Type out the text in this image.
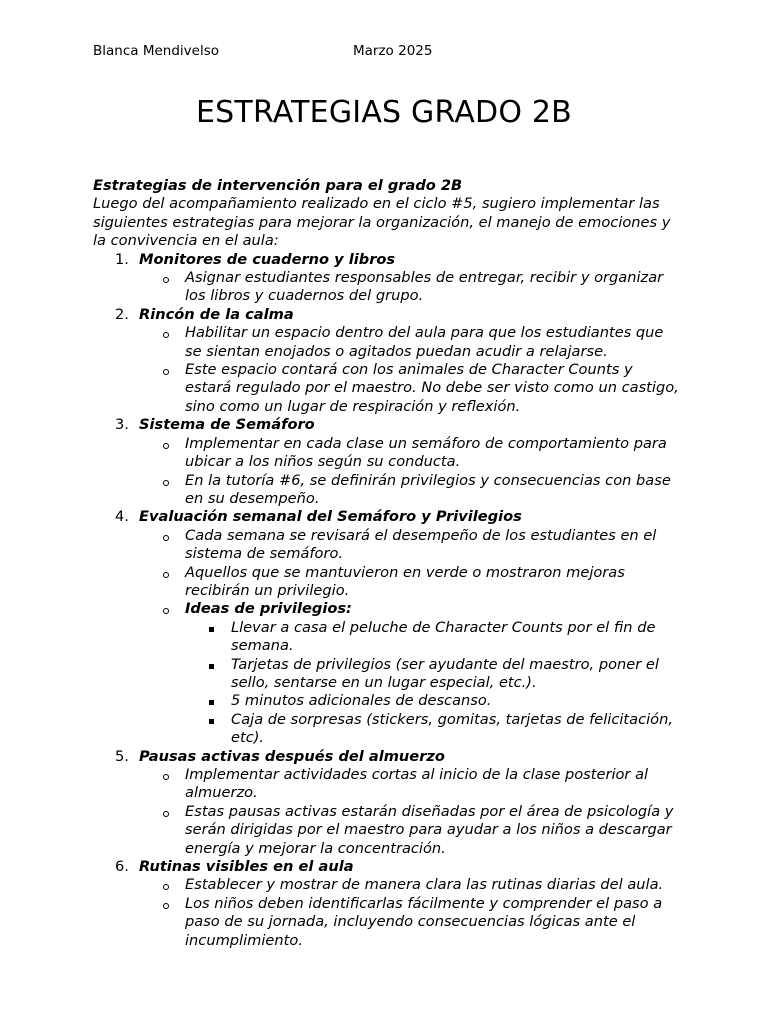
Blanca Mendivelso	Marzo 2025
ESTRATEGIAS GRADO 2B
Estrategias de intervención para el grado 2B

Luego del acompañamiento realizado en el ciclo #5, sugiero implementar las siguientes estrategias para mejorar la organización, el manejo de emociones y la convivencia en el aula:

1. Monitores de cuaderno y libros
Asignar estudiantes responsables de entregar, recibir y organizar los libros y cuadernos del grupo.
2. Rincón de la calma
Habilitar un espacio dentro del aula para que los estudiantes que se sientan enojados o agitados puedan acudir a relajarse.
Este espacio contará con los animales de Character Counts y estará regulado por el maestro. No debe ser visto como un castigo, sino como un lugar de respiración y reflexión.
3. Sistema de Semáforo
Implementar en cada clase un semáforo de comportamiento para ubicar a los niños según su conducta.
En la tutoría #6, se definirán privilegios y consecuencias con base en su desempeño.
4. Evaluación semanal del Semáforo y Privilegios
Cada semana se revisará el desempeño de los estudiantes en el sistema de semáforo.
Aquellos que se mantuvieron en verde o mostraron mejoras recibirán un privilegio.
Ideas de privilegios:
Llevar a casa el peluche de Character Counts por el fin de semana.
Tarjetas de privilegios (ser ayudante del maestro, poner el sello, sentarse en un lugar especial, etc.).
5 minutos adicionales de descanso.
Caja de sorpresas (stickers, gomitas, tarjetas de felicitación, etc).
5. Pausas activas después del almuerzo
Implementar actividades cortas al inicio de la clase posterior al almuerzo.
Estas pausas activas estarán diseñadas por el área de psicología y serán dirigidas por el maestro para ayudar a los niños a descargar energía y mejorar la concentración.
6. Rutinas visibles en el aula
Establecer y mostrar de manera clara las rutinas diarias del aula.
Los niños deben identificarlas fácilmente y comprender el paso a paso de su jornada, incluyendo consecuencias lógicas ante el incumplimiento.
